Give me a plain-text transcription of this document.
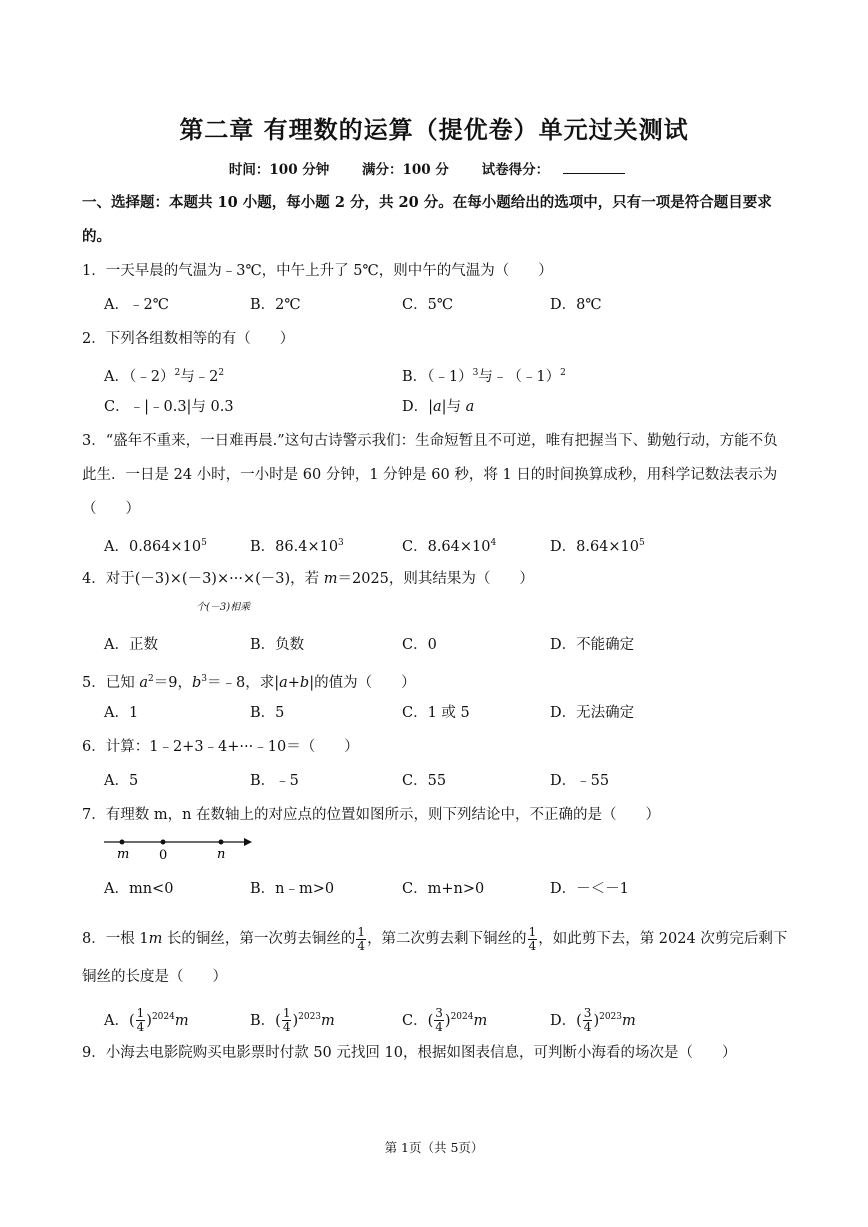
第二章 有理数的运算（提优卷）单元过关测试
时间：100 分钟 满分：100 分 试卷得分：
一、选择题：本题共 10 小题，每小题 2 分，共 20 分。在每小题给出的选项中，只有一项是符合题目要求的。
1．一天早晨的气温为﹣3℃，中午上升了 5℃，则中午的气温为（　　）
A．﹣2℃	B．2℃	C．5℃	D．8℃
2．下列各组数相等的有（　　）
A．（﹣2）$^2$与$﹣2^2$	B．（﹣1）$^3$与﹣（﹣1）$^2$
C．﹣|﹣0.3|与 0.3	D．|a|与 a
3．“盛年不重来，一日难再晨.”这句古诗警示我们：生命短暂且不可逆，唯有把握当下、勤勉行动，方能不负此生．一日是 24 小时，一小时是 60 分钟，1 分钟是 60 秒，将 1 日的时间换算成秒，用科学记数法表示为（　　）
A．$0.864\times 10^5$	B．$86.4\times 10^3$	C．$8.64\times 10^4$	D．$8.64\times 10^5$
4．对于(－3)×(－3)×···×(－3)，若 m＝2025，则其结果为（　　）
个(－3)相乘
A．正数	B．负数	C．0	D．不能确定
5．已知 $a^2=9$，$b^3=﹣8$，求|a+b|的值为（　　）
A．1	B．5	C．1 或 5	D．无法确定
6．计算：1﹣2+3﹣4+···﹣10＝（　　）
A．5	B．﹣5	C．55	D．﹣55
7．有理数 m，n 在数轴上的对应点的位置如图所示，则下列结论中，不正确的是（　　）
m 0	n
A．mn<0	B．n﹣m>0	C．m+n>0	D．－＜－1
8．一根 1m 长的铜丝，第一次剪去铜丝的 $\frac{1}{4}$ ，第二次剪去剩下铜丝的 $\frac{1}{4}$ ，如此剪下去，第 2024 次剪完后剩下铜丝的长度是（　　）
A．( $\frac{1}{4} )^{2024}m$	B．( $\frac{1}{4} )^{2023}m$	C．( $\frac{3}{4} )^{2024}m$	D．( $\frac{3}{4} )^{2023}m$
9．小海去电影院购买电影票时付款 50 元找回 10，根据如图表信息，可判断小海看的场次是（　　）
第 1页（共 5页）
